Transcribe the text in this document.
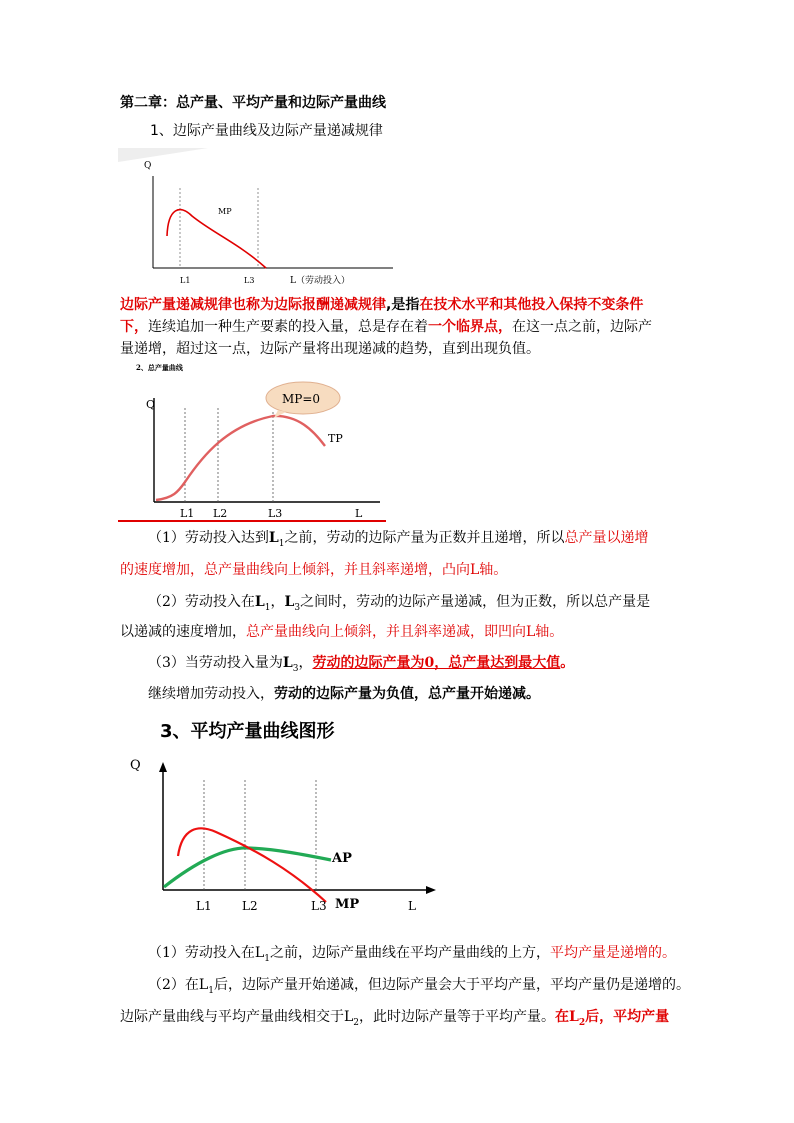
第二章：总产量、平均产量和边际产量曲线
1、边际产量曲线及边际产量递减规律
Q
MP
L1	L3	L（劳动投入）
边际产量递减规律也称为边际报酬递减规律,是指在技术水平和其他投入保持不变条件
下，连续追加一种生产要素的投入量，总是存在着一个临界点，在这一点之前，边际产
量递增，超过这一点，边际产量将出现递减的趋势，直到出现负值。
2、总产量曲线
MP=0
Q
TP
L1 L2	L3	L
（1）劳动投入达到$L_1$之前，劳动的边际产量为正数并且递增，所以总产量以递增
的速度增加，总产量曲线向上倾斜，并且斜率递增，凸向L轴。
（2）劳动投入在$L_1$，$L_3$之间时，劳动的边际产量递减，但为正数，所以总产量是
以递减的速度增加，总产量曲线向上倾斜，并且斜率递减，即凹向L轴。
（3）当劳动投入量为$L_3$，劳动的边际产量为0，总产量达到最大值。
继续增加劳动投入，劳动的边际产量为负值，总产量开始递减。
3、平均产量曲线图形
Q
AP
MP
L1	L2	L3	L
（1）劳动投入在$L_1$之前，边际产量曲线在平均产量曲线的上方，平均产量是递增的。
（2）在$L_1$后，边际产量开始递减，但边际产量会大于平均产量，平均产量仍是递增的。
边际产量曲线与平均产量曲线相交于$L_2$，此时边际产量等于平均产量。在$L_2$后，平均产量
